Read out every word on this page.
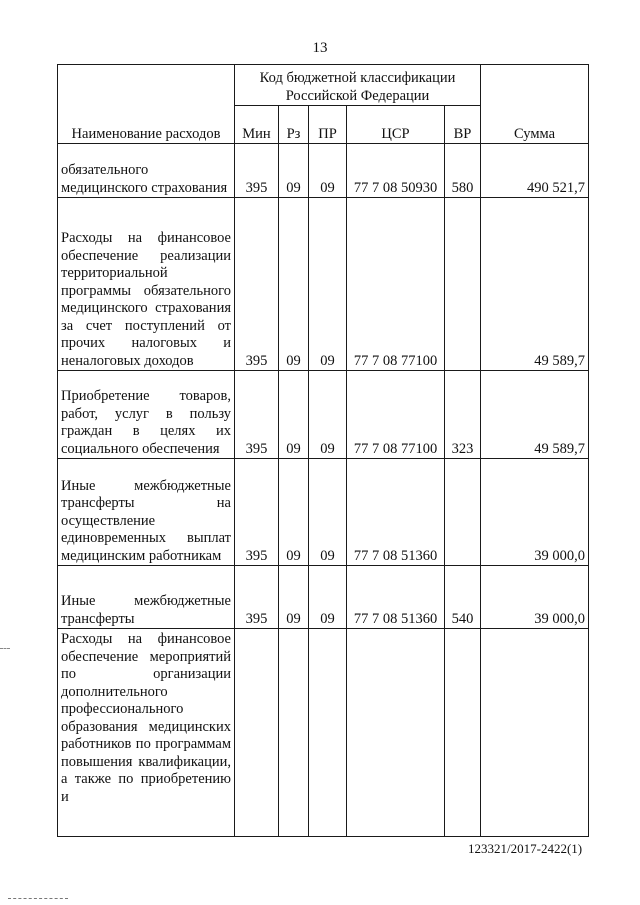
13
Наименование расходов	Код бюджетной классификации Российской Федерации					Сумма
	Мин	Рз	ПР	ЦСР	ВР	
обязательного медицинского страхования	395	09	09	77 7 08 50930	580	490 521,7
Расходы на финансовое обеспечение реализации территориальной программы обязательного медицинского страхования за счет поступлений от прочих налоговых и неналоговых доходов	395	09	09	77 7 08 77100		49 589,7
Приобретение товаров, работ, услуг в пользу граждан в целях их социального обеспечения	395	09	09	77 7 08 77100	323	49 589,7
Иные межбюджетные трансферты на осуществление единовременных выплат медицинским работникам	395	09	09	77 7 08 51360		39 000,0
Иные межбюджетные трансферты	395	09	09	77 7 08 51360	540	39 000,0
Расходы на финансовое обеспечение мероприятий по организации дополнительного профессионального образования медицинских работников по программам повышения квалификации, а также по приобретению и						
123321/2017-2422(1)
